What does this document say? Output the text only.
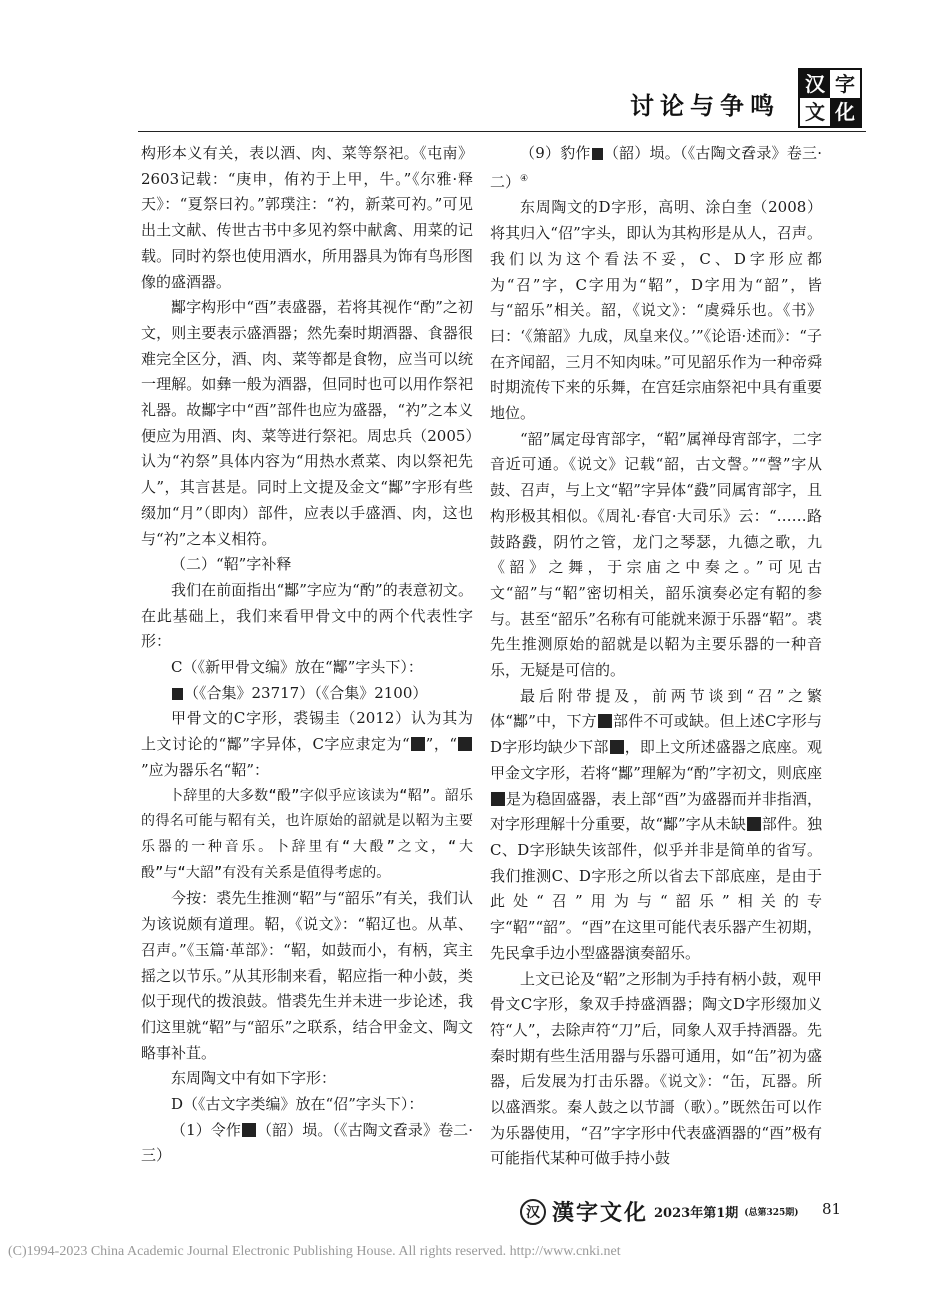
讨论与争鸣
汉 字
文 化

构形本义有关，表以酒、肉、菜等祭祀。《屯南》2603记载：“庚申，侑礿于上甲，牛。”《尔雅·释天》：“夏祭曰礿。”郭璞注：“礿，新菜可礿。”可见出土文献、传世古书中多见礿祭中献禽、用菜的记载。同时礿祭也使用酒水，所用器具为饰有鸟形图像的盛酒器。

酅字构形中“酉”表盛器，若将其视作“酌”之初文，则主要表示盛酒器；然先秦时期酒器、食器很难完全区分，酒、肉、菜等都是食物，应当可以统一理解。如彝一般为酒器，但同时也可以用作祭祀礼器。故酅字中“酉”部件也应为盛器，“礿”之本义便应为用酒、肉、菜等进行祭祀。周忠兵（2005）认为“礿祭”具体内容为“用热水煮菜、肉以祭祀先人”，其言甚是。同时上文提及金文“酅”字形有些缀加“月”（即肉）部件，应表以手盛酒、肉，这也与“礿”之本义相符。

（二）“鞀”字补释

我们在前面指出“酅”字应为“酌”的表意初文。在此基础上，我们来看甲骨文中的两个代表性字形：

C（《新甲骨文编》放在“酅”字头下）：

（《合集》23717）（《合集》2100）

甲骨文的C字形，裘锡圭（2012）认为其为上文讨论的“酅”字异体，C字应隶定为“ ”，“”应为器乐名“鞀”：

卜辞里的大多数“酘”字似乎应该读为“鞀”。韶乐的得名可能与鞀有关，也许原始的韶就是以鞀为主要乐器的一种音乐。卜辞里有“大酘”之文，“大酘”与“大韶”有没有关系是值得考虑的。

今按：裘先生推测“鞀”与“韶乐”有关，我们认为该说颇有道理。鞀，《说文》：“鞀辽也。从革、召声。”《玉篇·革部》：“鞀，如鼓而小，有柄，宾主摇之以节乐。”从其形制来看，鞀应指一种小鼓，类似于现代的拨浪鼓。惜裘先生并未进一步论述，我们这里就“鞀”与“韶乐”之联系，结合甲金文、陶文略事补苴。

东周陶文中有如下字形：

D（《古文字类编》放在“佋”字头下）：

（1）令作 （韶）埙。（《古陶文孴录》卷二·三）

（9）豹作 （韶）埙。（《古陶文孴录》卷三·二）④

东周陶文的D字形，高明、涂白奎（2008）将其归入“佋”字头，即认为其构形是从人，召声。我们以为这个看法不妥，C、D字形应都为“召”字，C字用为“鞀”，D字用为“韶”，皆与“韶乐”相关。韶，《说文》：“虞舜乐也。《书》曰：‘《箫韶》九成，凤皇来仪。’”《论语·述而》：“子在齐闻韶，三月不知肉味。”可见韶乐作为一种帝舜时期流传下来的乐舞，在宫廷宗庙祭祀中具有重要地位。

“韶”属定母宵部字，“鞀”属禅母宵部字，二字音近可通。《说文》记载“韶，古文謦。”“謦”字从鼓、召声，与上文“鞀”字异体“鼗”同属宵部字，且构形极其相似。《周礼·春官·大司乐》云：“……路鼓路鼗，阴竹之管，龙门之琴瑟，九德之歌，九《韶》之舞，于宗庙之中奏之。”可见古文“韶”与“鞀”密切相关，韶乐演奏必定有鞀的参与。甚至“韶乐”名称有可能就来源于乐器“鞀”。裘先生推测原始的韶就是以鞀为主要乐器的一种音乐，无疑是可信的。

最后附带提及，前两节谈到“召”之繁体“酅”中，下方 部件不可或缺。但上述C字形与D字形均缺少下部 ，即上文所述盛器之底座。观甲金文字形，若将“酅”理解为“酌”字初文，则底座是为稳固盛器，表上部“酉”为盛器而并非指酒，对字形理解十分重要，故“酅”字从未缺 部件。独C、D字形缺失该部件，似乎并非是简单的省写。我们推测C、D字形之所以省去下部底座，是由于此处“召”用为与“韶乐”相关的专字“鞀”“韶”。“酉”在这里可能代表乐器产生初期，先民拿手边小型盛器演奏韶乐。

上文已论及“鞀”之形制为手持有柄小鼓，观甲骨文C字形，象双手持盛酒器；陶文D字形缀加义符“人”，去除声符“刀”后，同象人双手持酒器。先秦时期有些生活用器与乐器可通用，如“缶”初为盛器，后发展为打击乐器。《说文》：“缶，瓦器。所以盛酒浆。秦人鼓之以节謌（歌）。”既然缶可以作为乐器使用，“召”字字形中代表盛酒器的“酉”极有可能指代某种可做手持小鼓

汉 漢字文化 2023年第1期 (总第325期) 81
(C)1994-2023 China Academic Journal Electronic Publishing House. All rights reserved. http://www.cnki.net
